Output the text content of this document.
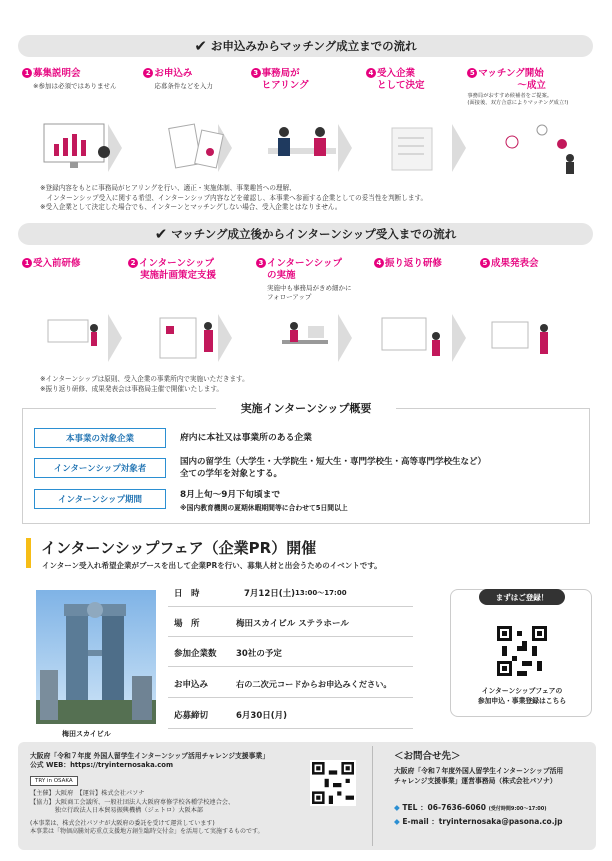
✔ お申込みからマッチング成立までの流れ
1 募集説明会
※参加は必須ではありません
2 お申込み
応募条件などを入力
3 事務局が
ヒアリング
4 受入企業
として決定
5 マッチング開始
〜成立
事務局がおすすめ候補者をご提案。
(面接後、双方合意によりマッチング成立!)
※登録内容をもとに事務局がヒアリングを行い、適正・実施体制、事業趣旨への理解、
　インターンシップ受入に関する希望、インターンシップ内容などを確認し、本事業へ参画する企業としての妥当性を判断します。
※受入企業として決定した場合でも、インターンとマッチングしない場合、受入企業とはなりません。
✔ マッチング成立後からインターンシップ受入までの流れ
1 受入前研修	2 インターンシップ
実施計画策定支援
3 インターンシップ
の実施
実施中も事務局がきめ細かに
フォローアップ
4 振り返り研修	5 成果発表会
※インターンシップは原則、受入企業の事業所内で実施いただきます。
※振り返り研修、成果発表会は事務局主催で開催いたします。
実施インターンシップ概要
本事業の対象企業	府内に本社又は事業所のある企業
インターンシップ対象者
国内の留学生（大学生・大学院生・短大生・専門学校生・高等専門学校生など）
全ての学年を対象とする。
インターンシップ期間	8月上旬〜9月下旬頃まで
※国内教育機関の夏期休暇期間等に合わせて5日間以上
インターンシップフェア（企業PR）開催
インターン受入れ希望企業がブースを出して企業PRを行い、募集人材と出会うためのイベントです。
梅田スカイビル
日　時	7月12日(土) 13:00〜17:00
場　所	梅田スカイビル ステラホール
参加企業数	30社の予定
お申込み	右の二次元コードからお申込みください。
応募締切	6月30日(月)
まずはご登録！
インターンシップフェアの
参加申込・事業登録はこちら
大阪府「令和７年度 外国人留学生インターンシップ活用チャレンジ支援事業」
公式 WEB：https://tryinternosaka.com
TRY in OSAKA
【主催】大阪府　【運営】株式会社パソナ
【協力】大阪商工会議所、一般社団法人大阪府専修学校各種学校連合会、
　　　　独立行政法人日本貿易振興機構（ジェトロ）大阪本部
(本事業は、株式会社パソナが大阪府の委託を受けて運営しています)
本事業は「物価高騰対応重点支援地方創生臨時交付金」を活用して実施するものです。
＜お問合せ先＞
大阪府「令和７年度外国人留学生インターンシップ活用
チャレンジ支援事業」運営事務局（株式会社パソナ）
◆ TEL ：06-7636-6060 (受付時間9:00〜17:00)
◆ E-mail ：tryinternosaka@pasona.co.jp
